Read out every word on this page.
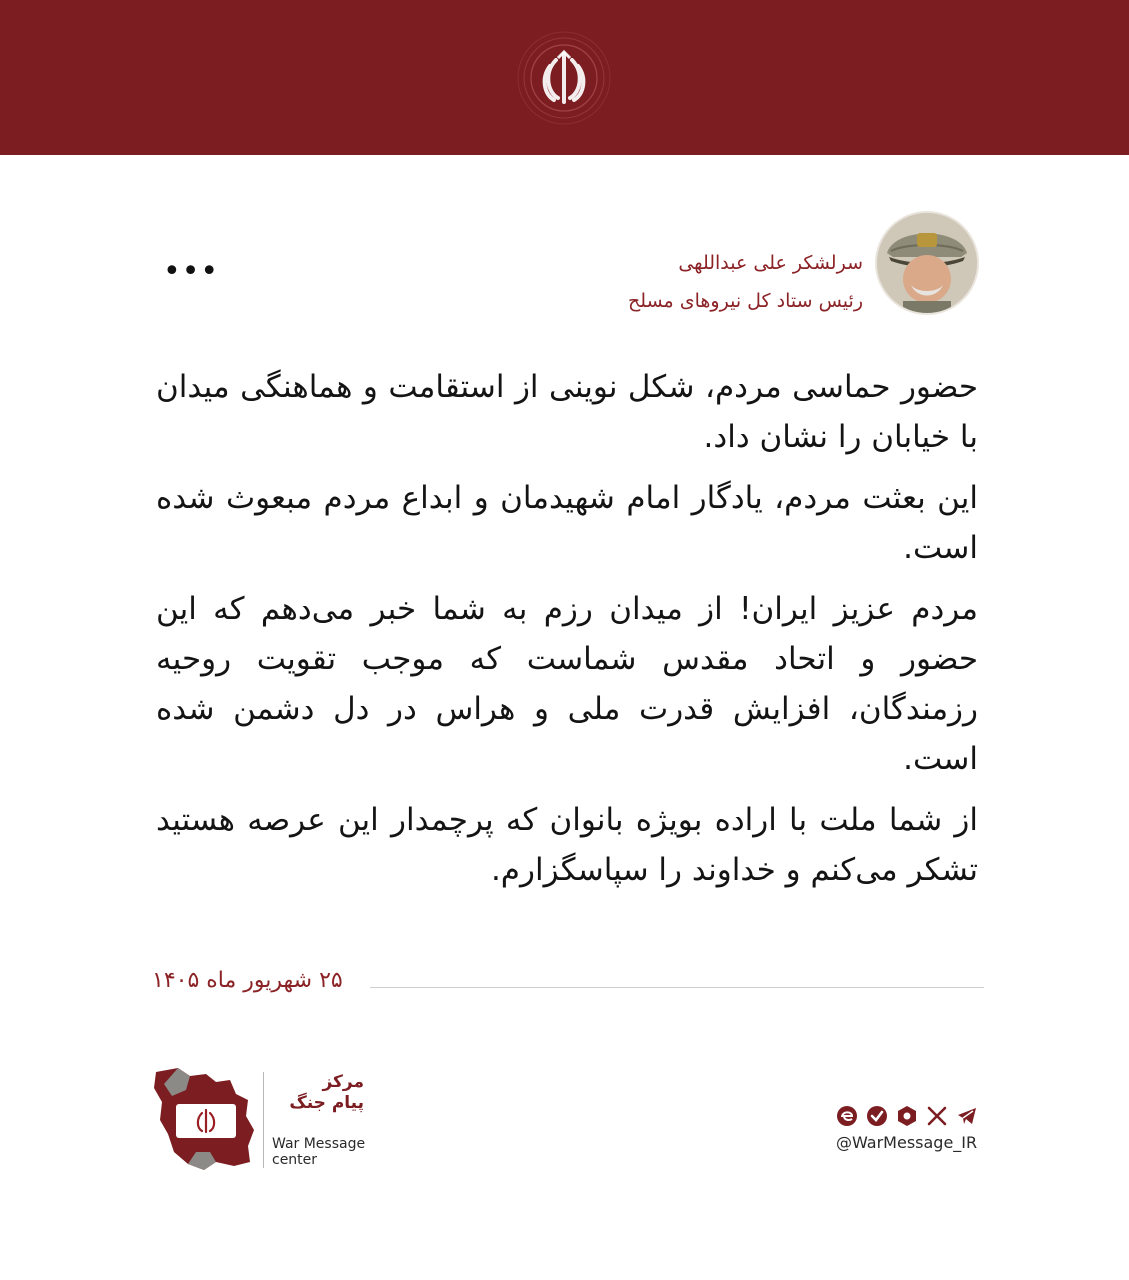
سرلشکر علی عبداللهی
رئیس ستاد کل نیروهای مسلح
•••

حضور حماسی مردم، شکل نوینی از استقامت و هماهنگی میدان با خیابان را نشان داد.

این بعثت مردم، یادگار امام شهیدمان و ابداع مردم مبعوث شده است.

مردم عزیز ایران! از میدان رزم به شما خبر می‌دهم که این حضور و اتحاد مقدس شماست که موجب تقویت روحیه رزمندگان، افزایش قدرت ملی و هراس در دل دشمن شده است.

از شما ملت با اراده بویژه بانوان که پرچمدار این عرصه هستید تشکر می‌کنم و خداوند را سپاسگزارم.

۲۵ شهریور ماه ۱۴۰۵
مرکز
پیام جنگ
War Message
center
@WarMessage_IR
